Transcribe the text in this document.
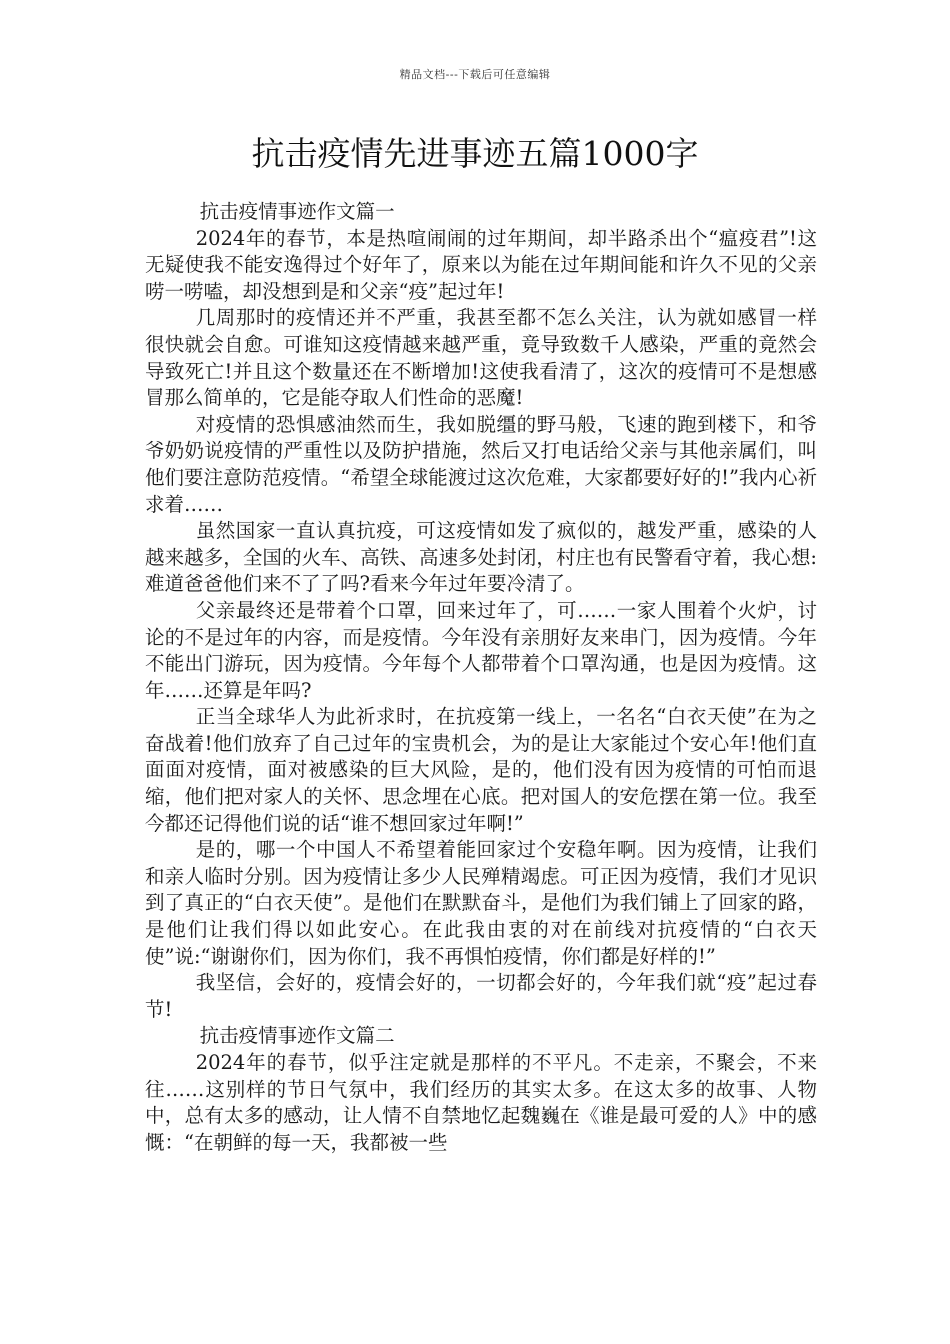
精品文档---下载后可任意编辑
抗击疫情先进事迹五篇1000字

抗击疫情事迹作文篇一

2024年的春节，本是热喧闹闹的过年期间，却半路杀出个“瘟疫君”!这无疑使我不能安逸得过个好年了，原来以为能在过年期间能和许久不见的父亲唠一唠嗑，却没想到是和父亲“疫”起过年!

几周那时的疫情还并不严重，我甚至都不怎么关注，认为就如感冒一样很快就会自愈。可谁知这疫情越来越严重，竟导致数千人感染，严重的竟然会导致死亡!并且这个数量还在不断增加!这使我看清了，这次的疫情可不是想感冒那么简单的，它是能夺取人们性命的恶魔!

对疫情的恐惧感油然而生，我如脱缰的野马般，飞速的跑到楼下，和爷爷奶奶说疫情的严重性以及防护措施，然后又打电话给父亲与其他亲属们，叫他们要注意防范疫情。“希望全球能渡过这次危难，大家都要好好的!”我内心祈求着……

虽然国家一直认真抗疫，可这疫情如发了疯似的，越发严重，感染的人越来越多，全国的火车、高铁、高速多处封闭，村庄也有民警看守着，我心想:难道爸爸他们来不了了吗?看来今年过年要冷清了。

父亲最终还是带着个口罩，回来过年了，可……一家人围着个火炉，讨论的不是过年的内容，而是疫情。今年没有亲朋好友来串门，因为疫情。今年不能出门游玩，因为疫情。今年每个人都带着个口罩沟通，也是因为疫情。这年……还算是年吗?

正当全球华人为此祈求时，在抗疫第一线上，一名名“白衣天使”在为之奋战着!他们放弃了自己过年的宝贵机会，为的是让大家能过个安心年!他们直面面对疫情，面对被感染的巨大风险，是的，他们没有因为疫情的可怕而退缩，他们把对家人的关怀、思念埋在心底。把对国人的安危摆在第一位。我至今都还记得他们说的话“谁不想回家过年啊!”

是的，哪一个中国人不希望着能回家过个安稳年啊。因为疫情，让我们和亲人临时分别。因为疫情让多少人民殚精竭虑。可正因为疫情，我们才见识到了真正的“白衣天使”。是他们在默默奋斗，是他们为我们铺上了回家的路，是他们让我们得以如此安心。在此我由衷的对在前线对抗疫情的“白衣天使”说:“谢谢你们，因为你们，我不再惧怕疫情，你们都是好样的!”

我坚信，会好的，疫情会好的，一切都会好的，今年我们就“疫”起过春节!

抗击疫情事迹作文篇二

2024年的春节，似乎注定就是那样的不平凡。不走亲，不聚会，不来往……这别样的节日气氛中，我们经历的其实太多。在这太多的故事、人物中，总有太多的感动，让人情不自禁地忆起魏巍在《谁是最可爱的人》中的感慨：“在朝鲜的每一天，我都被一些
